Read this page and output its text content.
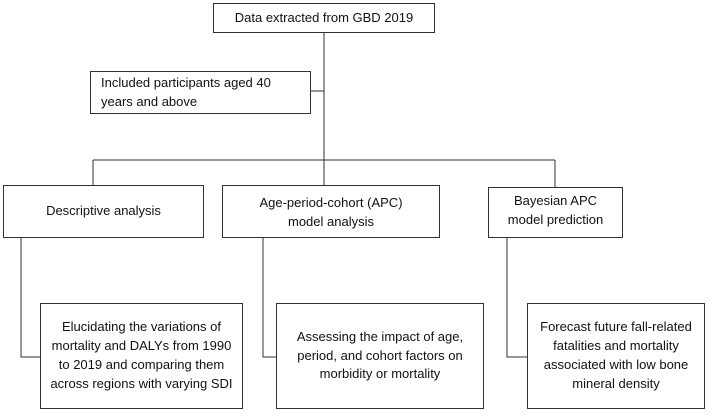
Data extracted from GBD 2019
Included participants aged 40 years and above
Descriptive analysis
Age-period-cohort (APC) model analysis
Bayesian APC model prediction
Elucidating the variations of mortality and DALYs from 1990 to 2019 and comparing them across regions with varying SDI
Assessing the impact of age, period, and cohort factors on morbidity or mortality
Forecast future fall-related fatalities and mortality associated with low bone mineral density
